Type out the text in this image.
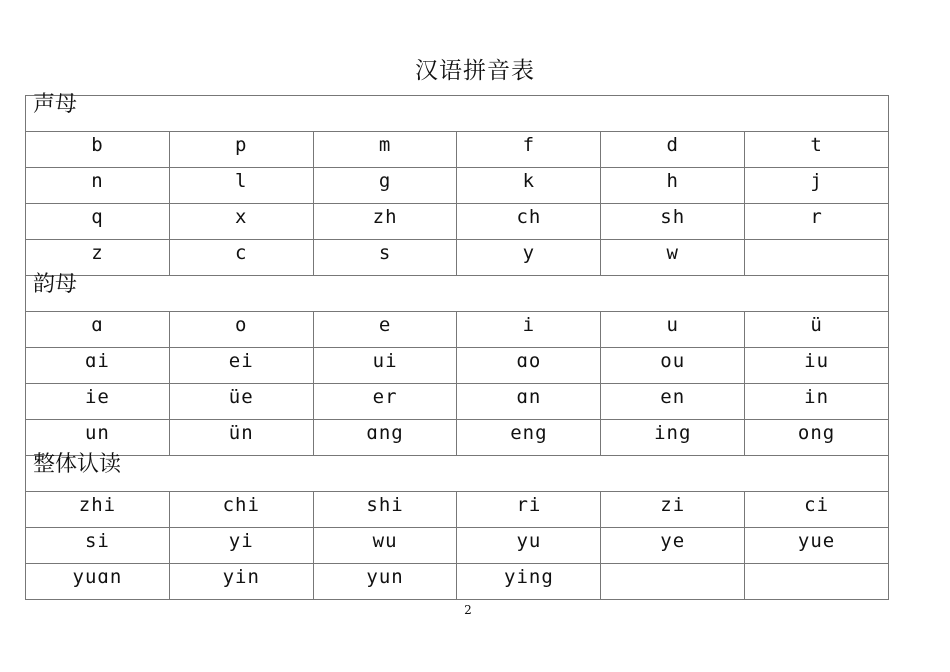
汉语拼音表
声母					
b	p	m	f	d	t
n	l	g	k	h	j
q	x	zh	ch	sh	r
z	c	s	y	w	
韵母					
ɑ	o	e	i	u	ü
ɑi	ei	ui	ɑo	ou	iu
ie	üe	er	ɑn	en	in
un	ün	ɑng	eng	ing	ong
整体认读					
zhi	chi	shi	ri	zi	ci
si	yi	wu	yu	ye	yue
yuɑn	yin	yun	ying		
2
